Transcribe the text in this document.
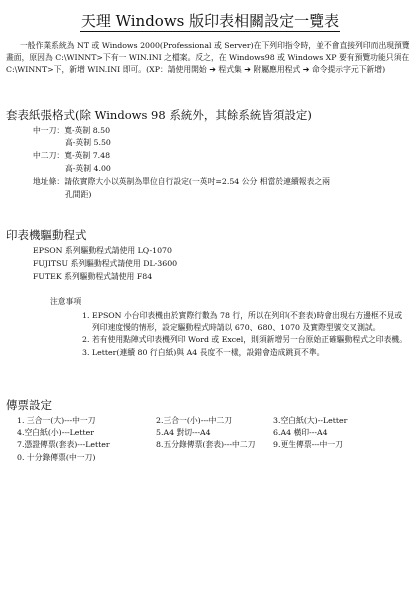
天理 Windows 版印表相關設定一覽表
一般作業系統為 NT 或 Windows 2000(Professional 或 Server)在下列印指令時，並不會直接列印而出現預覽畫面，原因為 C:\WINNT>下有一 WIN.INI 之檔案。反之，在 Windows98 或 Windows XP 要有預覽功能只須在 C:\WINNT>下，新增 WIN.INI 即可。(XP：請使用開始 ➔ 程式集 ➔ 附屬應用程式 ➔ 命令提示字元下新增)
套表紙張格式(除 Windows 98 系統外，其餘系統皆須設定)
中一刀：寬-英制 8.50
高-英制 5.50
中二刀：寬-英制 7.48
高-英制 4.00
地址條：請依實際大小以英制為單位自行設定(一英吋=2.54 公分 相當於連續報表之兩
孔間距)
印表機驅動程式
EPSON 系列驅動程式請使用 LQ-1070
FUJITSU 系列驅動程式請使用 DL-3600
FUTEK 系列驅動程式請使用 F84
注意事項
1. EPSON 小台印表機由於實際行數為 78 行，所以在列印(不套表)時會出現右方邊框不見或列印速度慢的情形，設定驅動程式時請以 670、680、1070 及實際型號交叉測試。
2. 若有使用點陣式印表機列印 Word 或 Excel，則須新增另一台原始正確驅動程式之印表機。
3. Letter(連續 80 行白紙)與 A4 長度不一樣，設錯會造成跳頁不準。
傳票設定
1. 三合一(大)---中一刀	2.三合一(小)---中二刀	3.空白紙(大)--Letter
4.空白紙(小)---Letter	5.A4 對切---A4	6.A4 橫印---A4
7.憑證傳票(套表)---Letter	8.五分錄傳票(套表)---中二刀	9.更生傳票---中一刀
0. 十分錄傳票(中一刀)
